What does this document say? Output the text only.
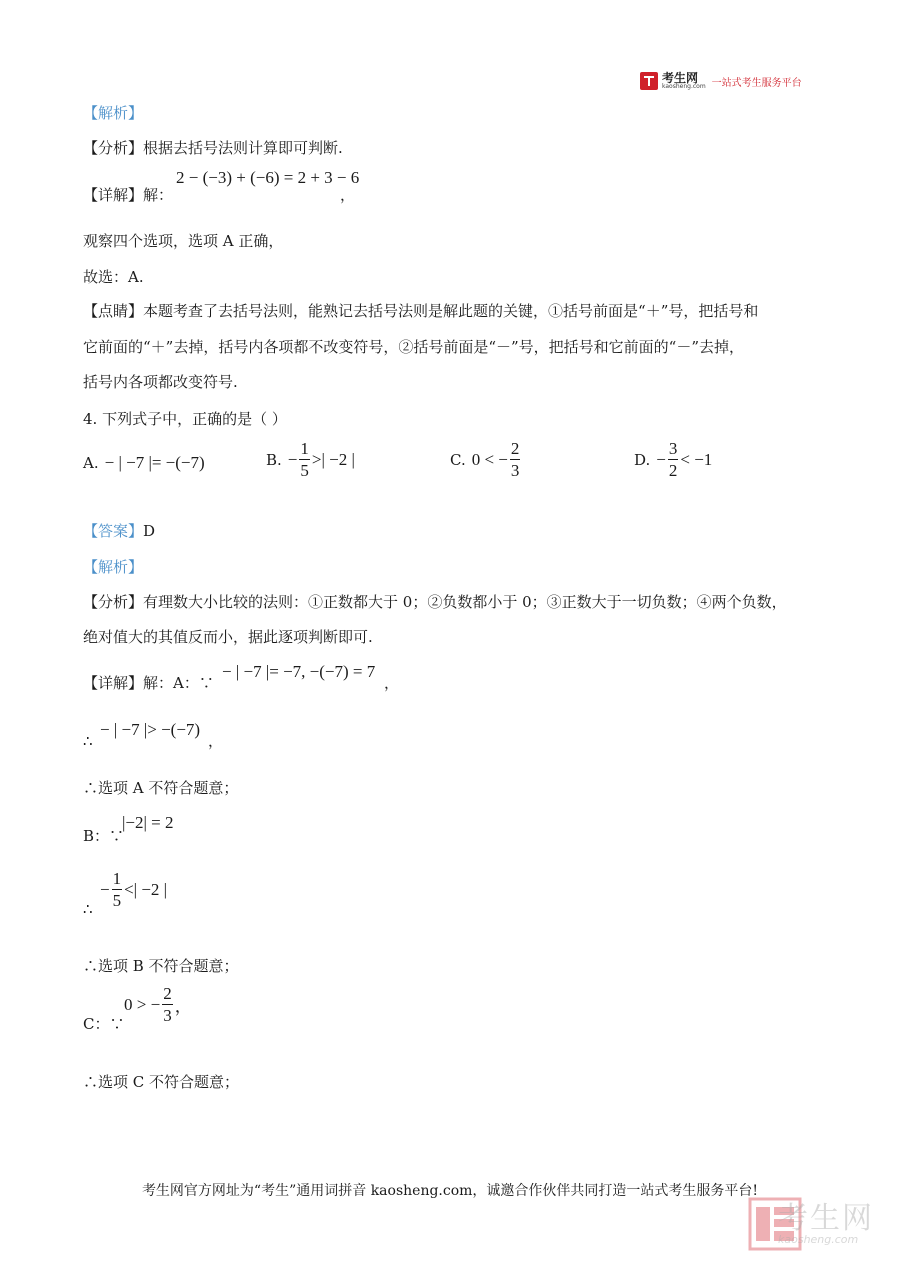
考生网
kaosheng.com 一站式考生服务平台
【解析】
【分析】根据去括号法则计算即可判断.
2 − (−3) + (−6) = 2 + 3 − 6
【详解】解：	，
观察四个选项，选项 A 正确，
故选：A.
【点睛】本题考查了去括号法则，能熟记去括号法则是解此题的关键，①括号前面是“＋”号，把括号和
它前面的“＋”去掉，括号内各项都不改变符号，②括号前面是“－”号，把括号和它前面的“－”去掉，
括号内各项都改变符号.
4. 下列式子中，正确的是（ ）
A. − | −7 |= −(−7)	B. − $\frac{1}{5}$ >| −2 |	C. 0 < − $\frac{2}{3}$	D. − $\frac{3}{2} < -1$
【答案】D
【解析】
【分析】有理数大小比较的法则：①正数都大于 0；②负数都小于 0；③正数大于一切负数；④两个负数，
绝对值大的其值反而小，据此逐项判断即可.
【详解】 解：A：∵
− | −7 |= −7, −(−7) = 7
，
∴
− | −7 |> −(−7)
，
∴选项 A 不符合题意；
B：∵
|−2| = 2
∴
− $\frac{1}{5}$ <| −2 |
∴选项 B 不符合题意；
C：∵
0 > − $\frac{2}{3}$ ，
∴选项 C 不符合题意；
考生网官方网址为“考生”通用词拼音 kaosheng.com，诚邀合作伙伴共同打造一站式考生服务平台!
考生网
kaosheng.com
